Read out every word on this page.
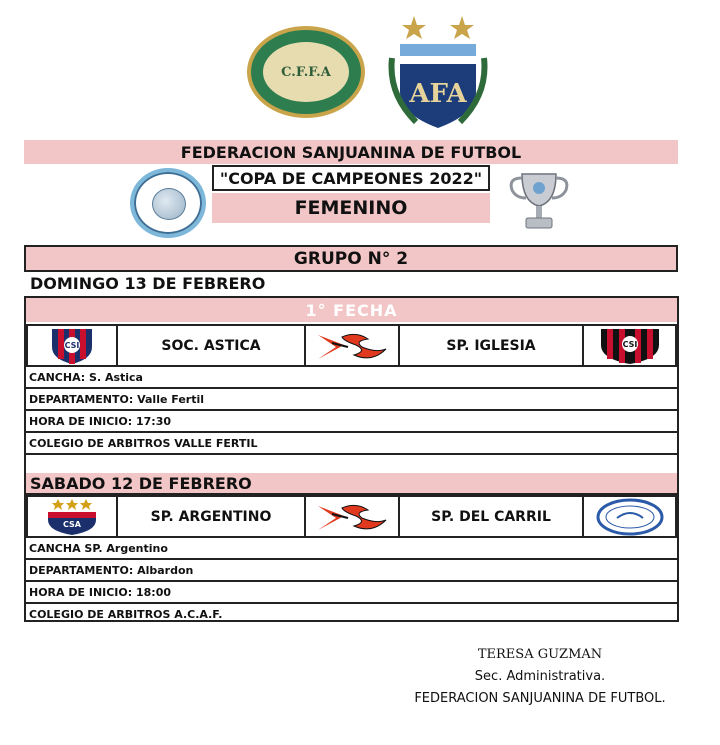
C.F.F.A
AFA
FEDERACION SANJUANINA DE FUTBOL
"COPA DE CAMPEONES 2022"
FEMENINO
GRUPO N° 2
DOMINGO 13 DE FEBRERO
1° FECHA
CSI	SOC. ASTICA	SP. IGLESIA	CSI
CANCHA: S. Astica
DEPARTAMENTO: Valle Fertil
HORA DE INICIO: 17:30
COLEGIO DE ARBITROS VALLE FERTIL
SABADO 12 DE FEBRERO
CSA	SP. ARGENTINO	SP. DEL CARRIL
CANCHA SP. Argentino
DEPARTAMENTO: Albardon
HORA DE INICIO: 18:00
COLEGIO DE ARBITROS A.C.A.F.
TERESA GUZMAN
Sec. Administrativa.
FEDERACION SANJUANINA DE FUTBOL.
